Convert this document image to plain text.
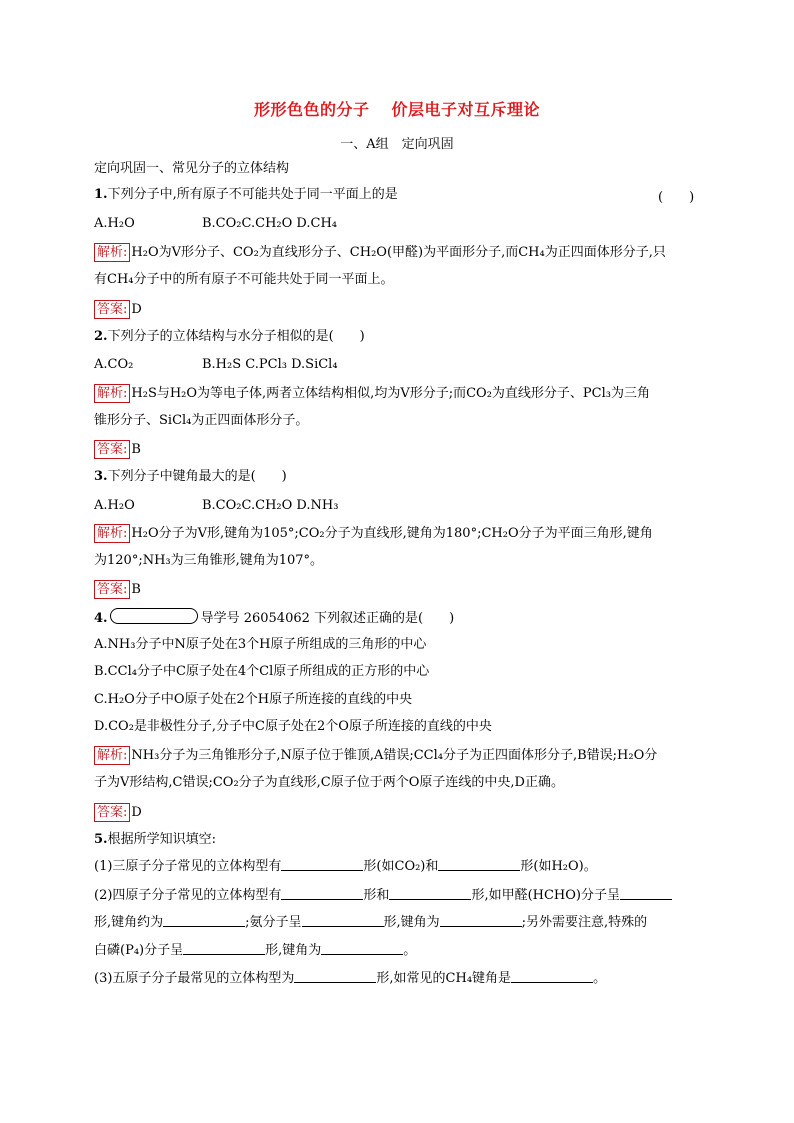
形形色色的分子 价层电子对互斥理论
一、A组　定向巩固
定向巩固一、常见分子的立体结构
1.下列分子中,所有原子不可能共处于同一平面上的是	(　　)
A.H₂O	B.CO₂C.CH₂O D.CH₄
解析: H₂O为V形分子、CO₂为直线形分子、CH₂O(甲醛)为平面形分子,而CH₄为正四面体形分子,只
有CH₄分子中的所有原子不可能共处于同一平面上。
答案: D
2.下列分子的立体结构与水分子相似的是(　　)
A.CO₂	B.H₂S C.PCl₃ D.SiCl₄
解析: H₂S与H₂O为等电子体,两者立体结构相似,均为V形分子;而CO₂为直线形分子、PCl₃为三角
锥形分子、SiCl₄为正四面体形分子。
答案: B
3.下列分子中键角最大的是(　　)
A.H₂O	B.CO₂C.CH₂O D.NH₃
解析: H₂O分子为V形,键角为105°;CO₂分子为直线形,键角为180°;CH₂O分子为平面三角形,键角
为120°;NH₃为三角锥形,键角为107°。
答案: B
4.	导学号 26054062 下列叙述正确的是(　　)
A.NH₃分子中N原子处在3个H原子所组成的三角形的中心
B.CCl₄分子中C原子处在4个Cl原子所组成的正方形的中心
C.H₂O分子中O原子处在2个H原子所连接的直线的中央
D.CO₂是非极性分子,分子中C原子处在2个O原子所连接的直线的中央
解析: NH₃分子为三角锥形分子,N原子位于锥顶,A错误;CCl₄分子为正四面体形分子,B错误;H₂O分
子为V形结构,C错误;CO₂分子为直线形,C原子位于两个O原子连线的中央,D正确。
答案: D
5.根据所学知识填空:
(1)三原子分子常见的立体构型有	形(如CO₂)和	形(如H₂O)。
(2)四原子分子常见的立体构型有	形和	形,如甲醛(HCHO)分子呈
形,键角约为	;氨分子呈	形,键角为	;另外需要注意,特殊的
白磷(P₄)分子呈	形,键角为	。
(3)五原子分子最常见的立体构型为	形,如常见的CH₄键角是	。
